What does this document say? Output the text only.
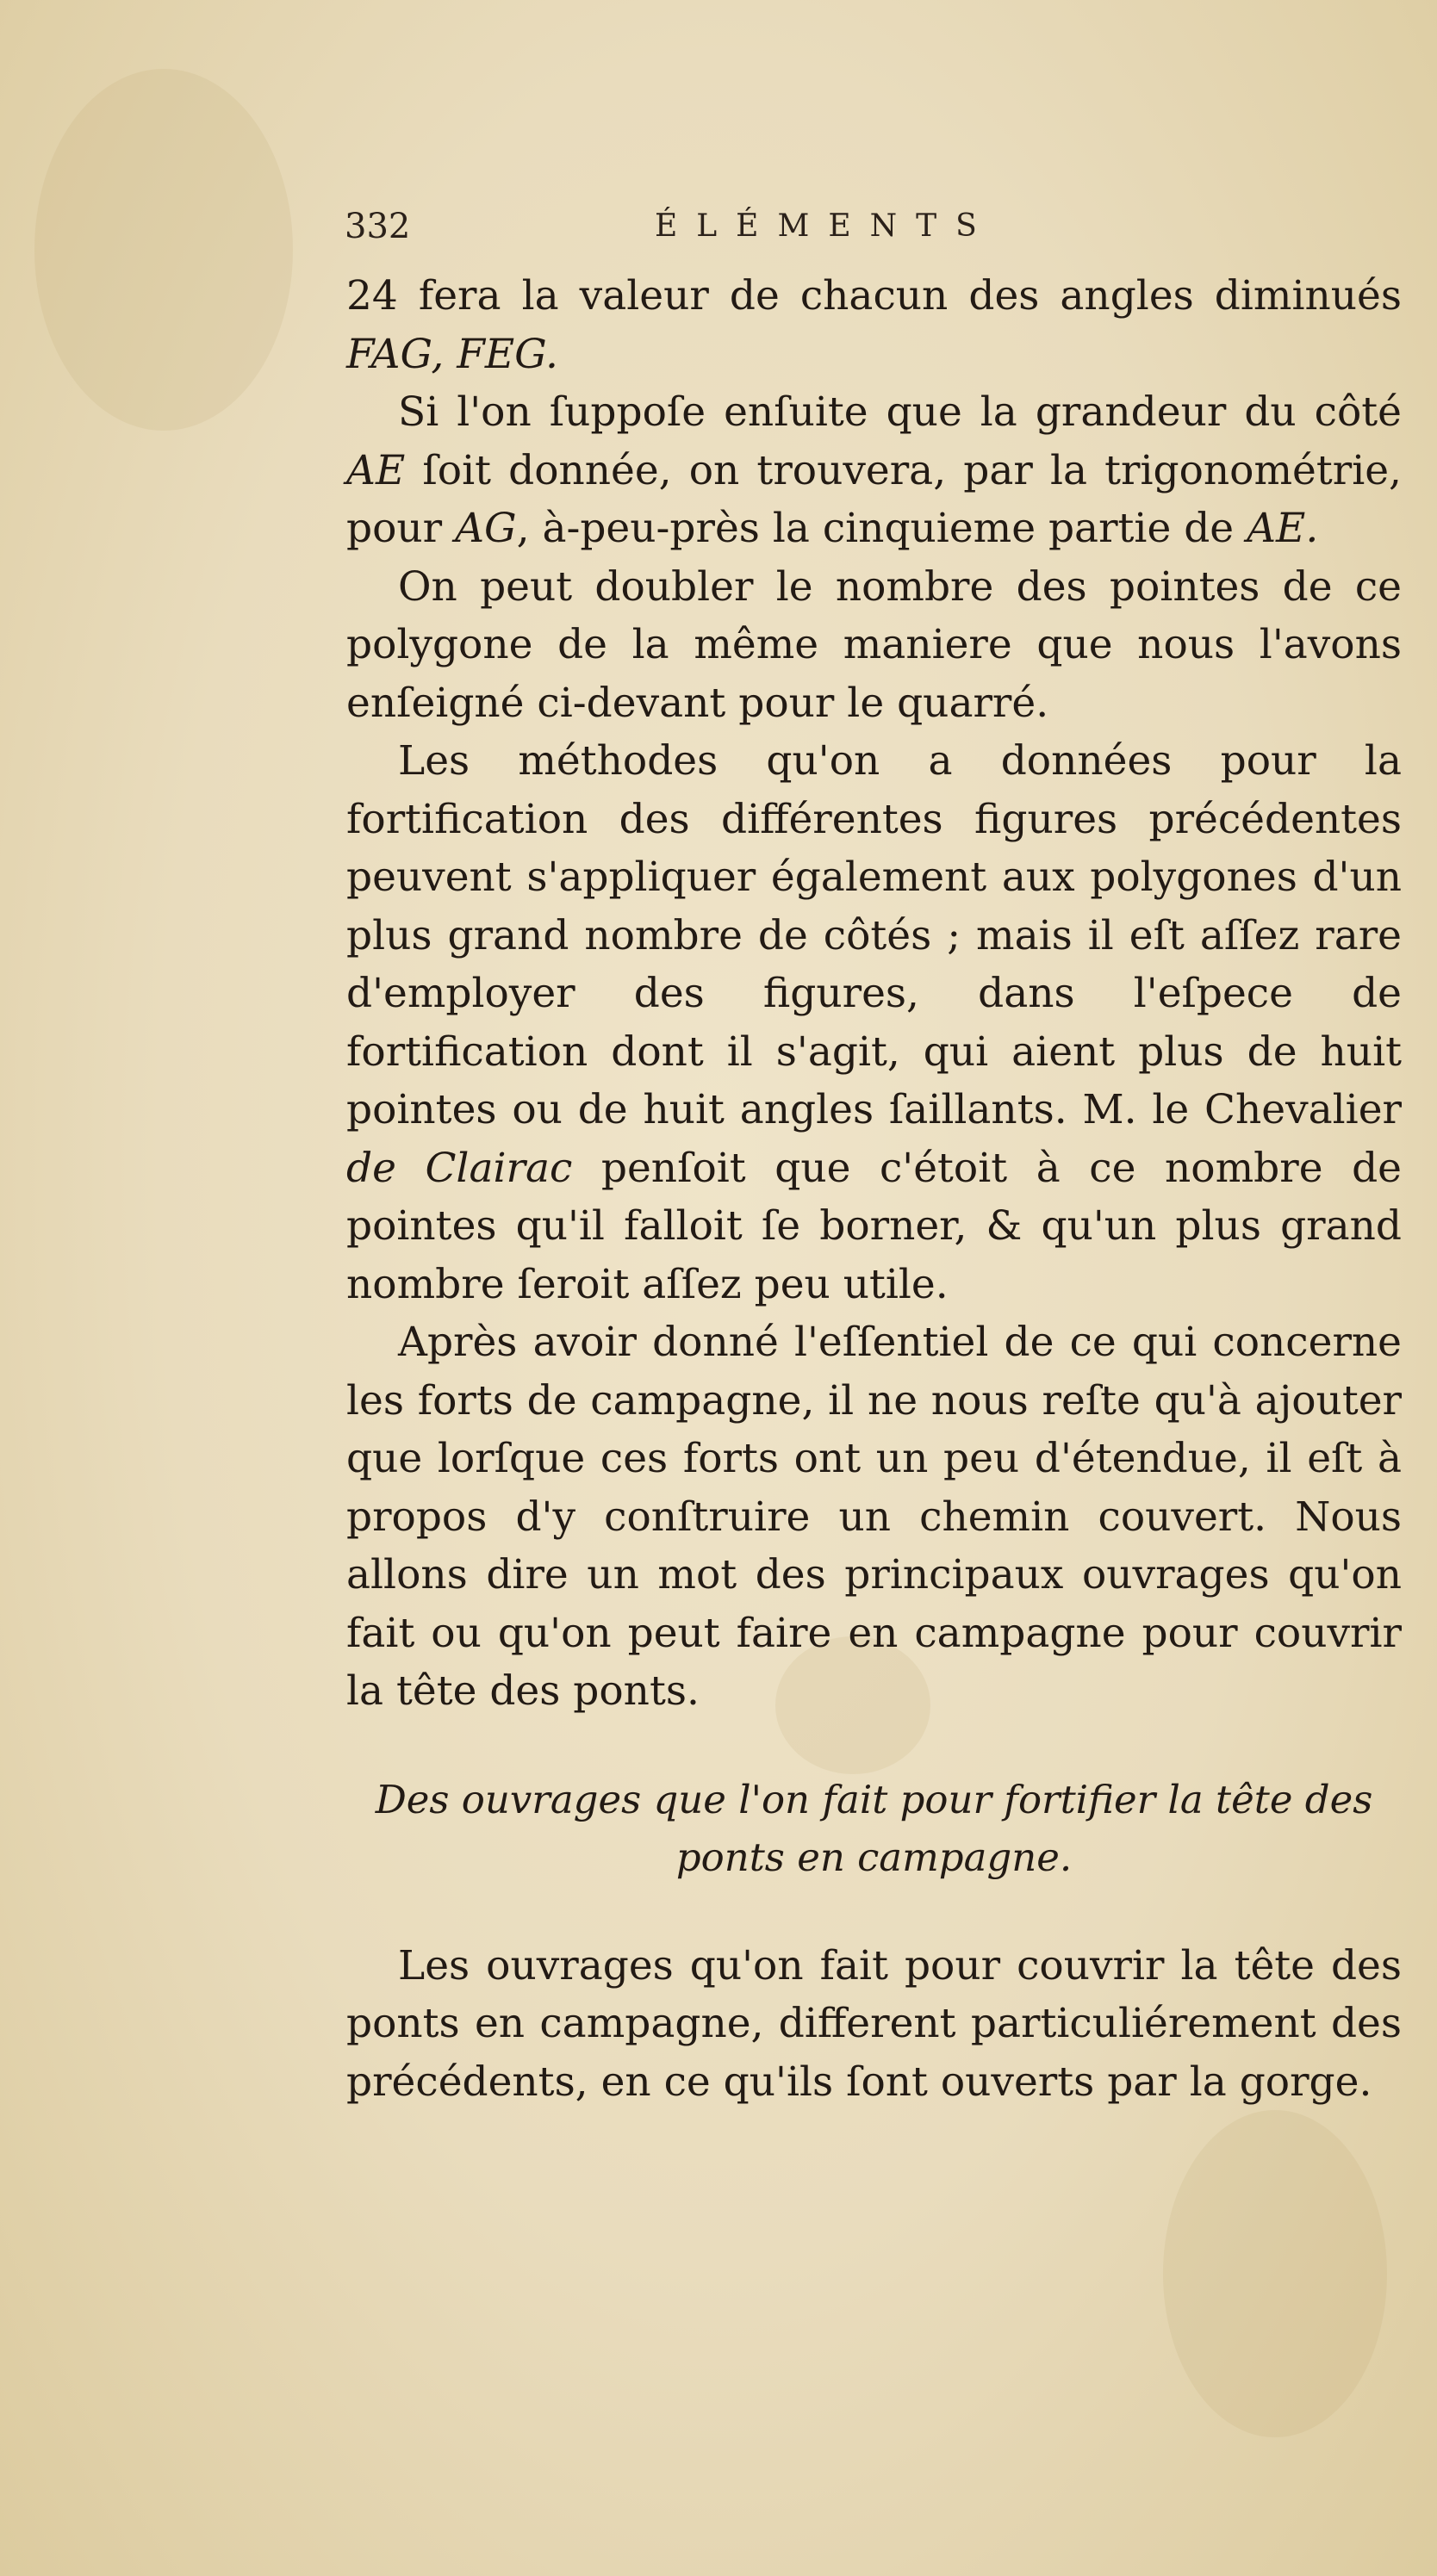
332	ÉLÉMENTS

24 fera la valeur de chacun des angles diminués FAG, FEG.

Si l'on ſuppoſe enſuite que la grandeur du côté AE ſoit donnée, on trouvera, par la trigonométrie, pour AG, à-peu-près la cinquieme partie de AE.

On peut doubler le nombre des pointes de ce polygone de la même maniere que nous l'avons enſeigné ci-devant pour le quarré.

Les méthodes qu'on a données pour la fortification des différentes figures précédentes peuvent s'appliquer également aux polygones d'un plus grand nombre de côtés ; mais il eſt aſſez rare d'employer des figures, dans l'eſpece de fortification dont il s'agit, qui aient plus de huit pointes ou de huit angles ſaillants. M. le Chevalier de Clairac penſoit que c'étoit à ce nombre de pointes qu'il falloit ſe borner, & qu'un plus grand nombre ſeroit aſſez peu utile.

Après avoir donné l'eſſentiel de ce qui concerne les forts de campagne, il ne nous reſte qu'à ajouter que lorſque ces forts ont un peu d'étendue, il eſt à propos d'y conſtruire un chemin couvert. Nous allons dire un mot des principaux ouvrages qu'on fait ou qu'on peut faire en campagne pour couvrir la tête des ponts.

Des ouvrages que l'on fait pour fortifier la tête des ponts en campagne.

Les ouvrages qu'on fait pour couvrir la tête des ponts en campagne, different particuliérement des précédents, en ce qu'ils ſont ouverts par la gorge.
